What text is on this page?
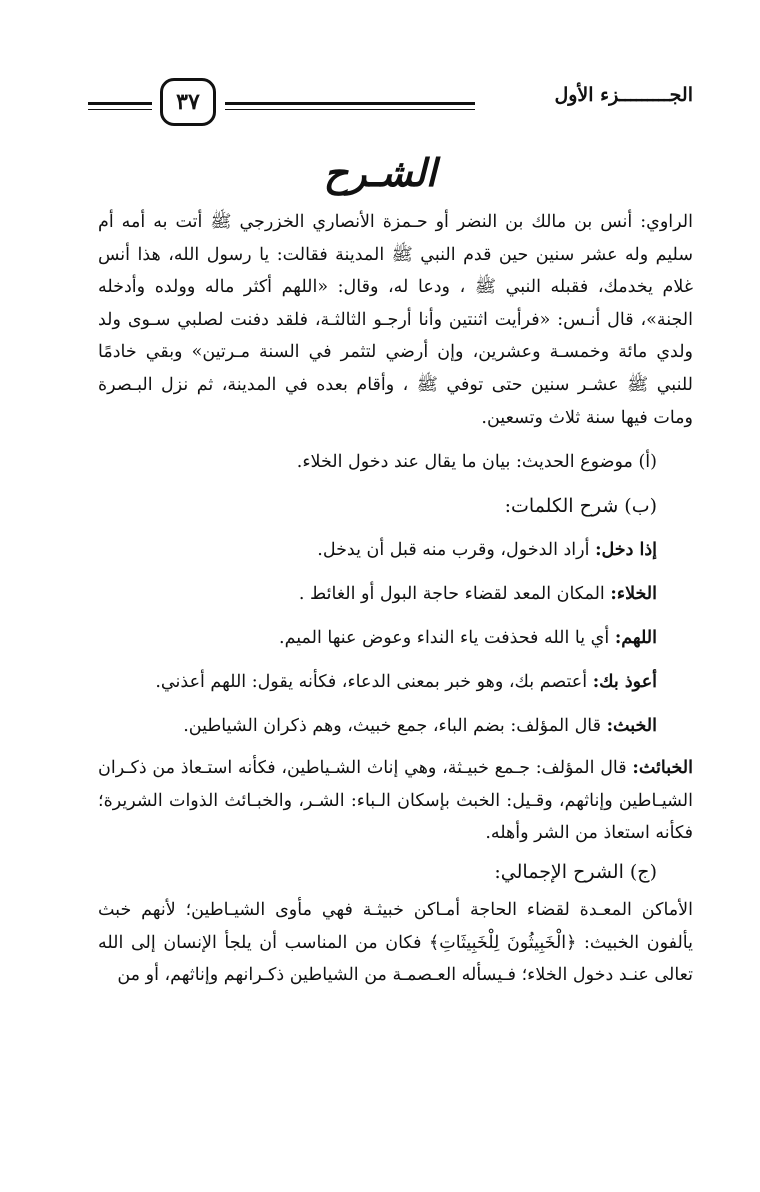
الجـــــــــزء الأول
٣٧
الشـرح

الراوي: أنس بن مالك بن النضر أو حـمزة الأنصاري الخزرجي ﷺ أتت به أمه أم سليم وله عشر سنين حين قدم النبي ﷺ المدينة فقالت: يا رسول الله، هذا أنس غلام يخدمك، فقبله النبي ﷺ ، ودعا له، وقال: «اللهم أكثر ماله وولده وأدخله الجنة»، قال أنـس: «فرأيت اثنتين وأنا أرجـو الثالثـة، فلقد دفنت لصلبي سـوى ولد ولدي مائة وخمسـة وعشرين، وإن أرضي لتثمر في السنة مـرتين» وبقي خادمًا للنبي ﷺ عشـر سنين حتى توفي ﷺ ، وأقام بعده في المدينة، ثم نزل البـصرة ومات فيها سنة ثلاث وتسعين.

(أ) موضوع الحديث: بيان ما يقال عند دخول الخلاء.

(ب) شرح الكلمات:

إذا دخل: أراد الدخول، وقرب منه قبل أن يدخل.

الخلاء: المكان المعد لقضاء حاجة البول أو الغائط .

اللهم: أي يا الله فحذفت ياء النداء وعوض عنها الميم.

أعوذ بك: أعتصم بك، وهو خبر بمعنى الدعاء، فكأنه يقول: اللهم أعذني.

الخبث: قال المؤلف: بضم الباء، جمع خبيث، وهم ذكران الشياطين.

الخبائث: قال المؤلف: جـمع خبيـثة، وهي إناث الشـياطين، فكأنه استـعاذ من ذكـران الشيـاطين وإناثهم، وقـيل: الخبث بإسكان الـباء: الشـر، والخبـائث الذوات الشريرة؛ فكأنه استعاذ من الشر وأهله.

(ج) الشرح الإجمالي:

الأماكن المعـدة لقضاء الحاجة أمـاكن خبيثـة فهي مأوى الشيـاطين؛ لأنهم خبث يألفون الخبيث: ﴿الْخَبِيثُونَ لِلْخَبِيثَاتِ﴾ فكان من المناسب أن يلجأ الإنسان إلى الله تعالى عنـد دخول الخلاء؛ فـيسأله العـصمـة من الشياطين ذكـرانهم وإناثهم، أو من
